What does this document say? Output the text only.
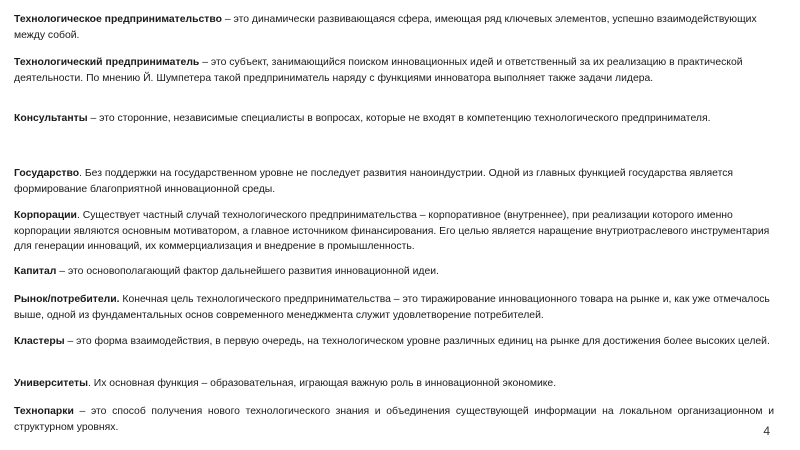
Технологическое предпринимательство – это динамически развивающаяся сфера, имеющая ряд ключевых элементов, успешно взаимодействующих между собой.

Технологический предприниматель – это субъект, занимающийся поиском инновационных идей и ответственный за их реализацию в практической деятельности. По мнению Й. Шумпетера такой предприниматель наряду с функциями инноватора выполняет также задачи лидера.

Консультанты – это сторонние, независимые специалисты в вопросах, которые не входят в компетенцию технологического предпринимателя.

Государство. Без поддержки на государственном уровне не последует развития наноиндустрии. Одной из главных функцией государства является формирование благоприятной инновационной среды.

Корпорации. Существует частный случай технологического предпринимательства – корпоративное (внутреннее), при реализации которого именно корпорации являются основным мотиватором, а главное источником финансирования. Его целью является наращение внутриотраслевого инструментария для генерации инноваций, их коммерциализация и внедрение в промышленность.

Капитал – это основополагающий фактор дальнейшего развития инновационной идеи.

Рынок/потребители. Конечная цель технологического предпринимательства – это тиражирование инновационного товара на рынке и, как уже отмечалось выше, одной из фундаментальных основ современного менеджмента служит удовлетворение потребителей.

Кластеры – это форма взаимодействия, в первую очередь, на технологическом уровне различных единиц на рынке для достижения более высоких целей.

Университеты. Их основная функция – образовательная, играющая важную роль в инновационной экономике.

Технопарки – это способ получения нового технологического знания и объединения существующей информации на локальном организационном и структурном уровнях.	4
